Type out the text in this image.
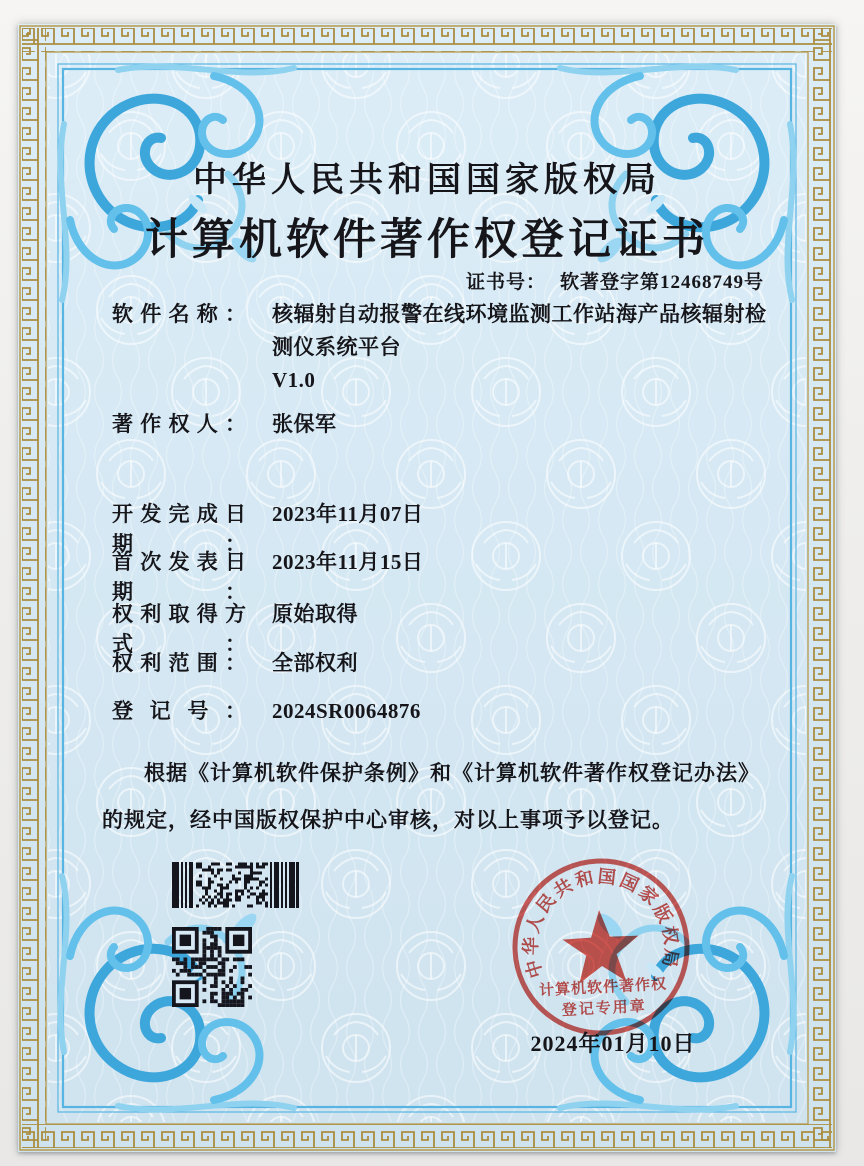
中华人民共和国国家版权局
计算机软件著作权登记证书
证书号： 软著登字第12468749号
软件名称： 核辐射自动报警在线环境监测工作站海产品核辐射检测仪系统平台
V1.0
著作权人： 张保军
开发完成日期：
2023年11月07日
首次发表日期：
2023年11月15日
权利取得方式：
原始取得
权利范围： 全部权利
登记号： 2024SR0064876
根据《计算机软件保护条例》和《计算机软件著作权登记办法》的规定，经中国版权保护中心审核，对以上事项予以登记。
中华人民共和国国家版权局
计算机软件著作权
登记专用章
2024年01月10日
